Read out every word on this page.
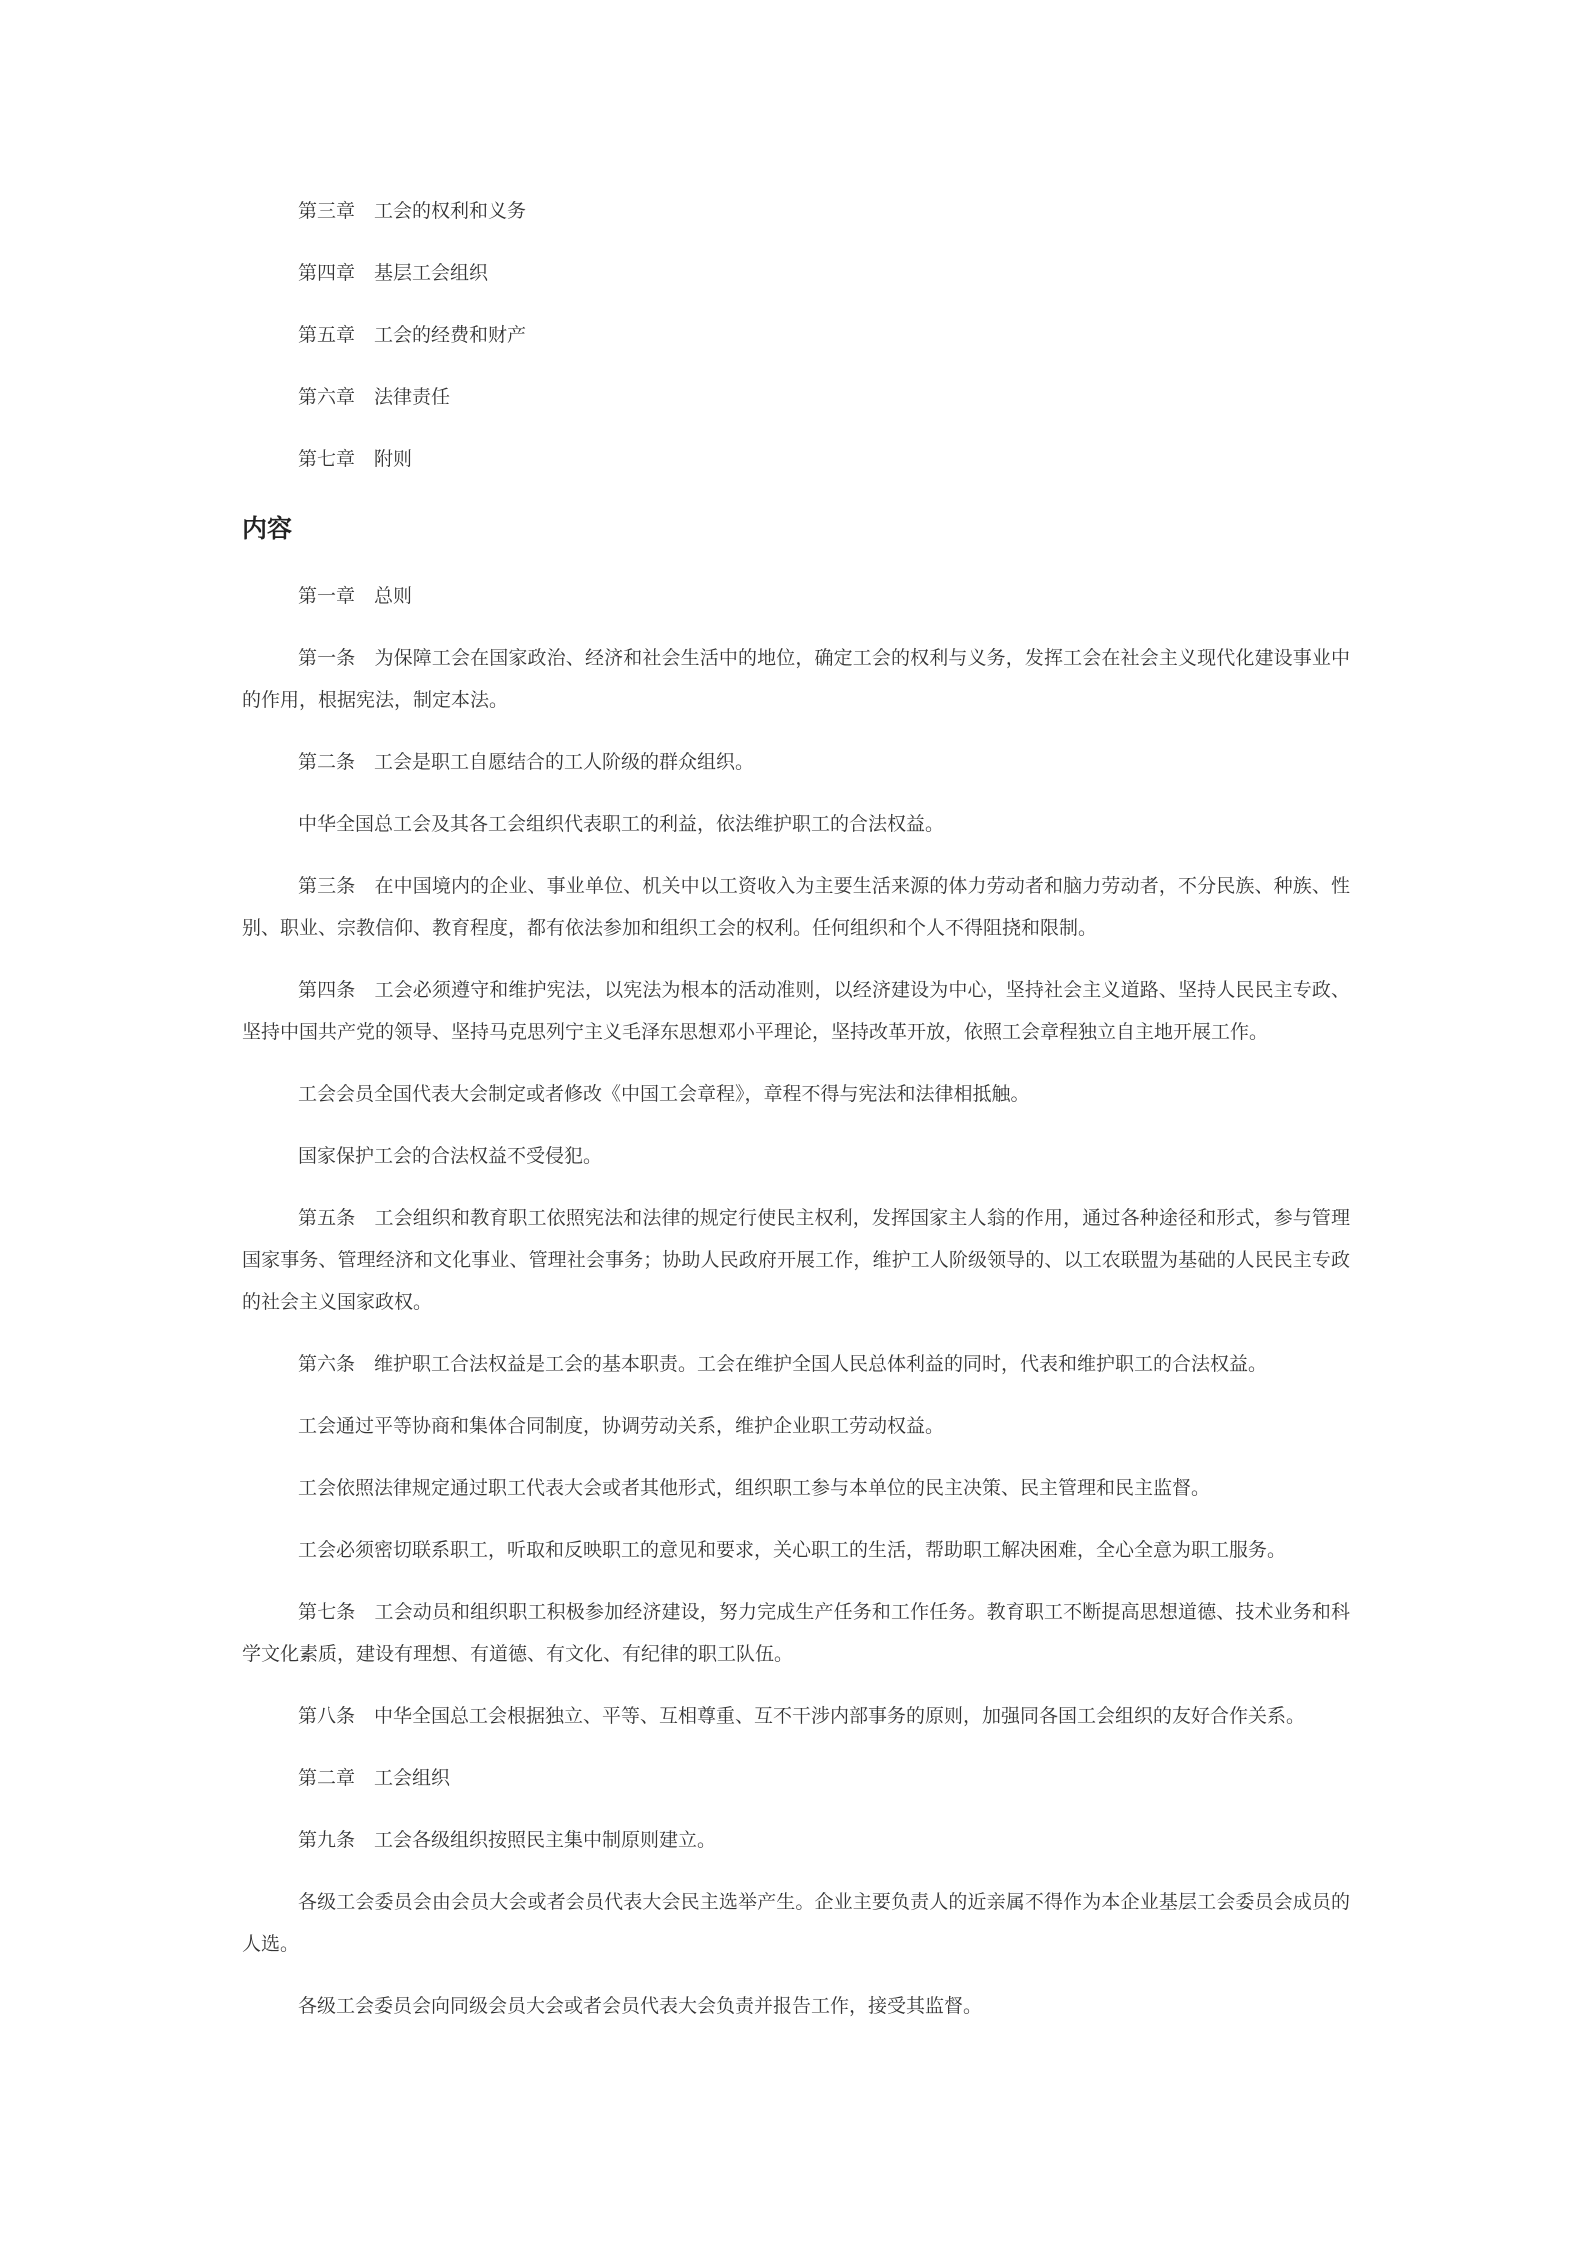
第三章　工会的权利和义务
第四章　基层工会组织
第五章　工会的经费和财产
第六章　法律责任
第七章　附则
内容

第一章　总则

第一条　为保障工会在国家政治、经济和社会生活中的地位，确定工会的权利与义务，发挥工会在社会主义现代化建设事业中的作用，根据宪法，制定本法。

第二条　工会是职工自愿结合的工人阶级的群众组织。

中华全国总工会及其各工会组织代表职工的利益，依法维护职工的合法权益。

第三条　在中国境内的企业、事业单位、机关中以工资收入为主要生活来源的体力劳动者和脑力劳动者，不分民族、种族、性别、职业、宗教信仰、教育程度，都有依法参加和组织工会的权利。任何组织和个人不得阻挠和限制。

第四条　工会必须遵守和维护宪法，以宪法为根本的活动准则，以经济建设为中心，坚持社会主义道路、坚持人民民主专政、坚持中国共产党的领导、坚持马克思列宁主义毛泽东思想邓小平理论，坚持改革开放，依照工会章程独立自主地开展工作。

工会会员全国代表大会制定或者修改《中国工会章程》，章程不得与宪法和法律相抵触。

国家保护工会的合法权益不受侵犯。

第五条　工会组织和教育职工依照宪法和法律的规定行使民主权利，发挥国家主人翁的作用，通过各种途径和形式，参与管理国家事务、管理经济和文化事业、管理社会事务；协助人民政府开展工作，维护工人阶级领导的、以工农联盟为基础的人民民主专政的社会主义国家政权。

第六条　维护职工合法权益是工会的基本职责。工会在维护全国人民总体利益的同时，代表和维护职工的合法权益。

工会通过平等协商和集体合同制度，协调劳动关系，维护企业职工劳动权益。

工会依照法律规定通过职工代表大会或者其他形式，组织职工参与本单位的民主决策、民主管理和民主监督。

工会必须密切联系职工，听取和反映职工的意见和要求，关心职工的生活，帮助职工解决困难，全心全意为职工服务。

第七条　工会动员和组织职工积极参加经济建设，努力完成生产任务和工作任务。教育职工不断提高思想道德、技术业务和科学文化素质，建设有理想、有道德、有文化、有纪律的职工队伍。

第八条　中华全国总工会根据独立、平等、互相尊重、互不干涉内部事务的原则，加强同各国工会组织的友好合作关系。

第二章　工会组织

第九条　工会各级组织按照民主集中制原则建立。

各级工会委员会由会员大会或者会员代表大会民主选举产生。企业主要负责人的近亲属不得作为本企业基层工会委员会成员的人选。

各级工会委员会向同级会员大会或者会员代表大会负责并报告工作，接受其监督。
